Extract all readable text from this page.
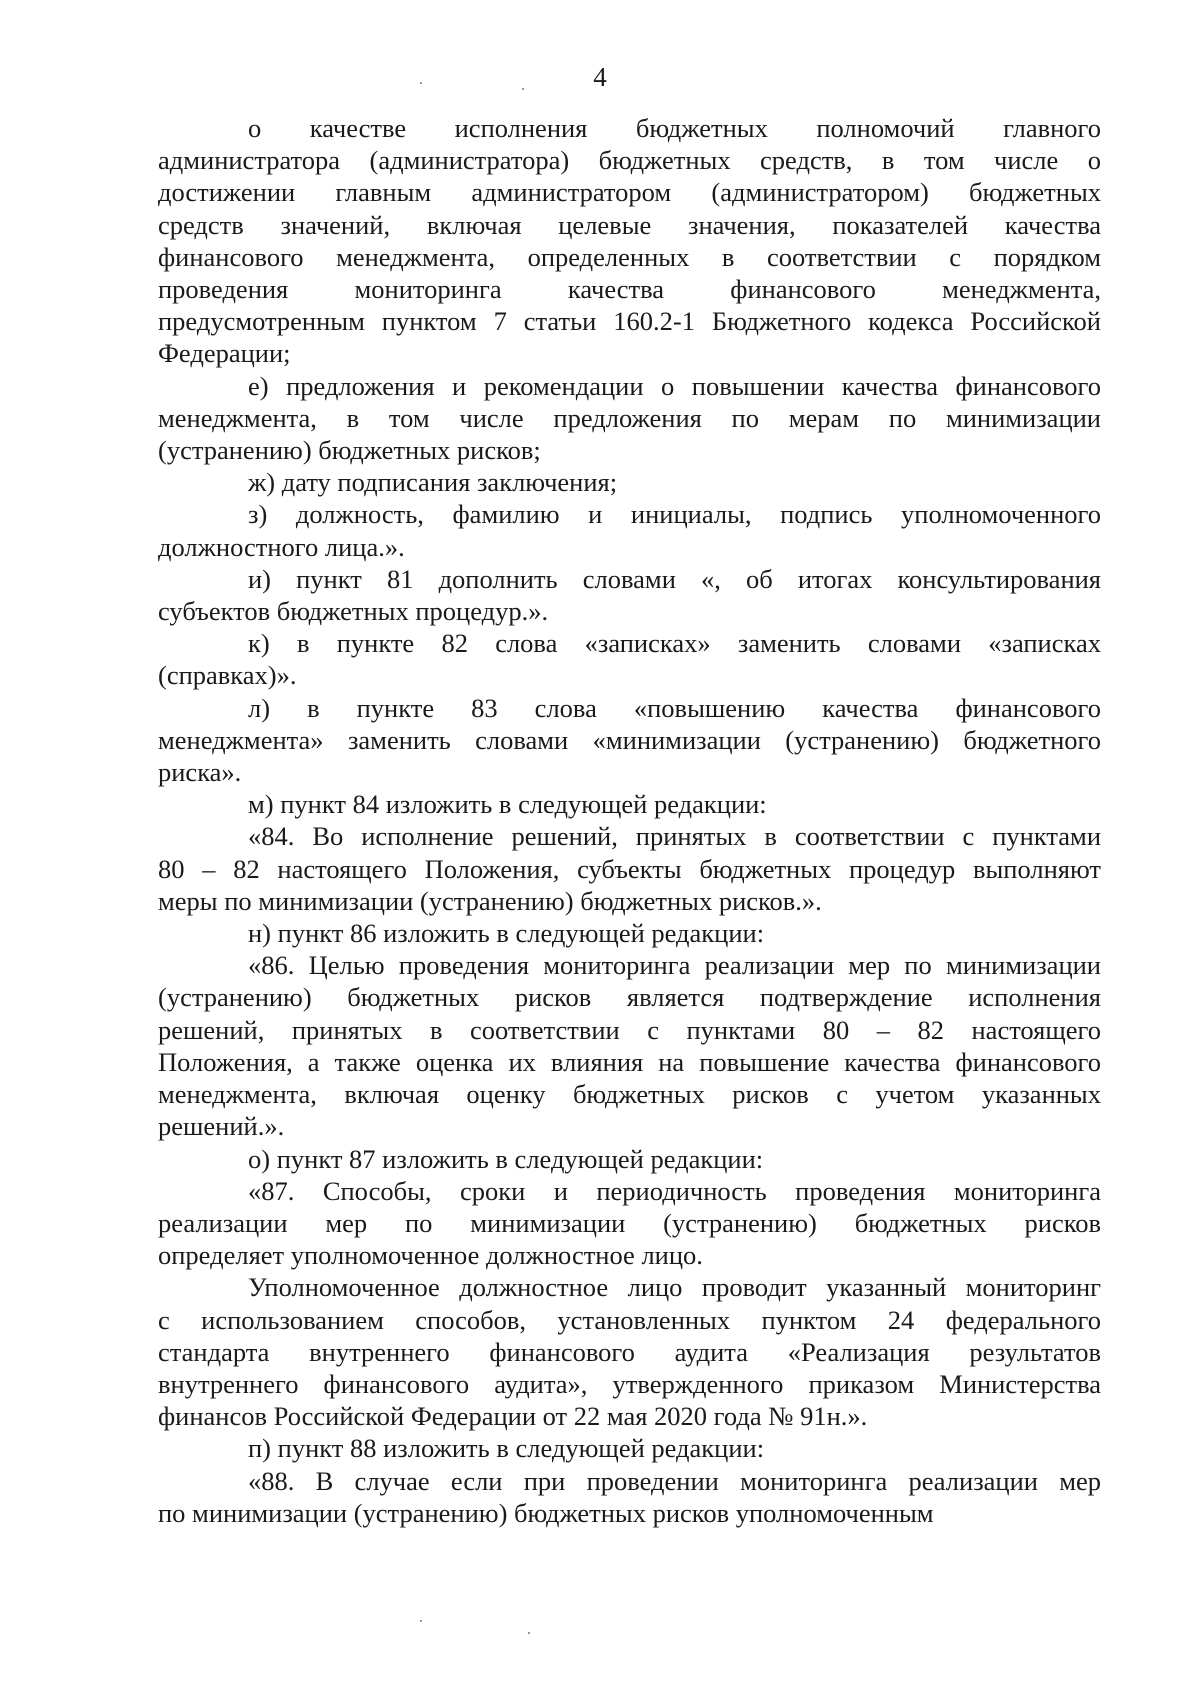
4

о качестве исполнения бюджетных полномочий главного

администратора (администратора) бюджетных средств, в том числе о

достижении главным администратором (администратором) бюджетных

средств значений, включая целевые значения, показателей качества

финансового менеджмента, определенных в соответствии с порядком

проведения мониторинга качества финансового менеджмента,

предусмотренным пунктом 7 статьи 160.2-1 Бюджетного кодекса Российской

Федерации;

е) предложения и рекомендации о повышении качества финансового

менеджмента, в том числе предложения по мерам по минимизации

(устранению) бюджетных рисков;

ж) дату подписания заключения;

з) должность, фамилию и инициалы, подпись уполномоченного

должностного лица.».

и) пункт 81 дополнить словами «, об итогах консультирования

субъектов бюджетных процедур.».

к) в пункте 82 слова «записках» заменить словами «записках

(справках)».

л) в пункте 83 слова «повышению качества финансового

менеджмента» заменить словами «минимизации (устранению) бюджетного

риска».

м) пункт 84 изложить в следующей редакции:

«84. Во исполнение решений, принятых в соответствии с пунктами

80 – 82 настоящего Положения, субъекты бюджетных процедур выполняют

меры по минимизации (устранению) бюджетных рисков.».

н) пункт 86 изложить в следующей редакции:

«86. Целью проведения мониторинга реализации мер по минимизации

(устранению) бюджетных рисков является подтверждение исполнения

решений, принятых в соответствии с пунктами 80 – 82 настоящего

Положения, а также оценка их влияния на повышение качества финансового

менеджмента, включая оценку бюджетных рисков с учетом указанных

решений.».

о) пункт 87 изложить в следующей редакции:

«87. Способы, сроки и периодичность проведения мониторинга

реализации мер по минимизации (устранению) бюджетных рисков

определяет уполномоченное должностное лицо.

Уполномоченное должностное лицо проводит указанный мониторинг

с использованием способов, установленных пунктом 24 федерального

стандарта внутреннего финансового аудита «Реализация результатов

внутреннего финансового аудита», утвержденного приказом Министерства

финансов Российской Федерации от 22 мая 2020 года № 91н.».

п) пункт 88 изложить в следующей редакции:

«88. В случае если при проведении мониторинга реализации мер

по минимизации (устранению) бюджетных рисков уполномоченным
